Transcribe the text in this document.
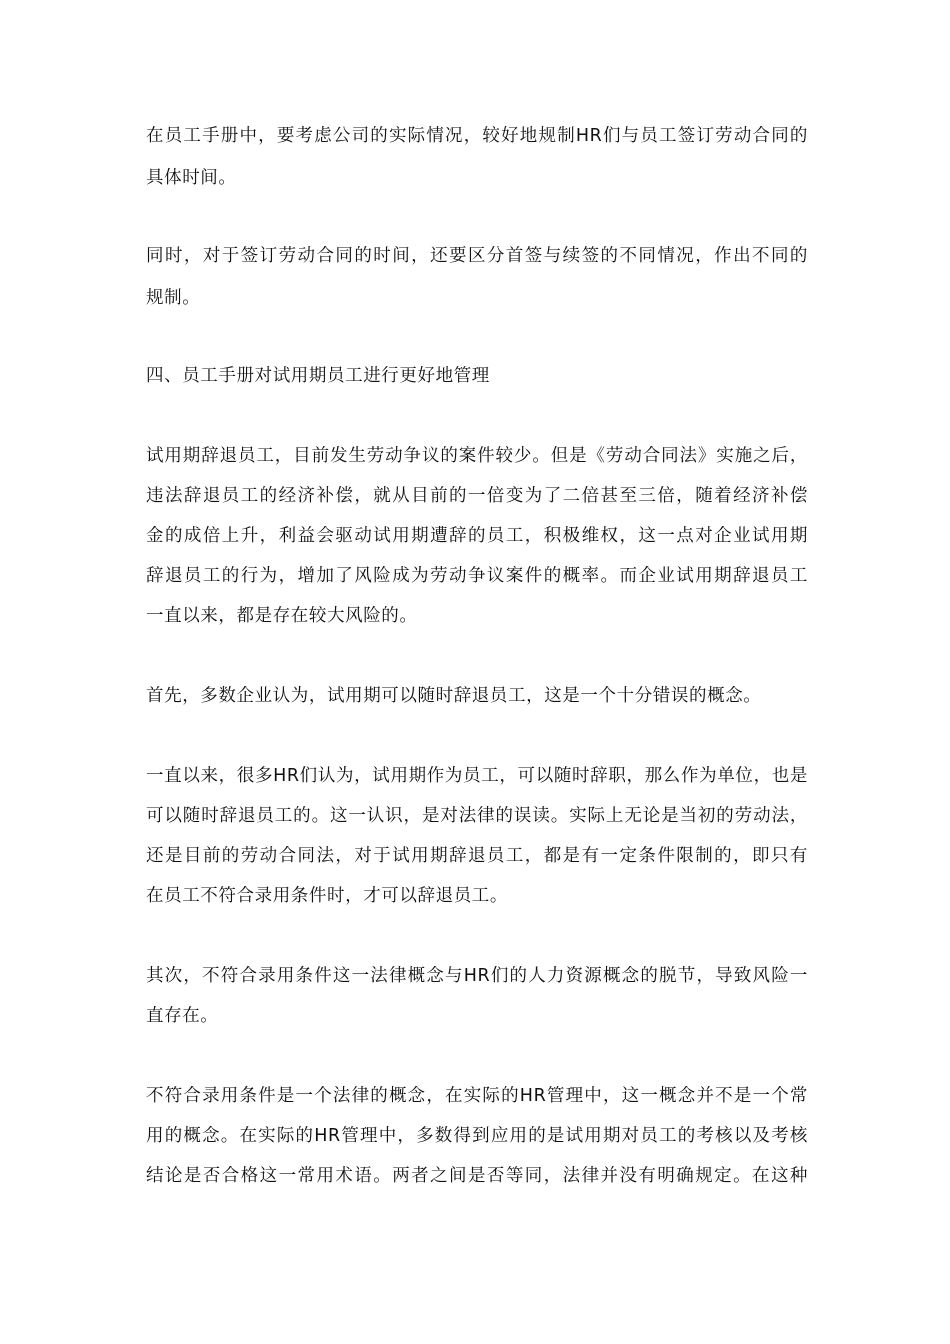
在员工手册中，要考虑公司的实际情况，较好地规制HR们与员工签订劳动合同的
具体时间。
同时，对于签订劳动合同的时间，还要区分首签与续签的不同情况，作出不同的
规制。
四、员工手册对试用期员工进行更好地管理
试用期辞退员工，目前发生劳动争议的案件较少。但是《劳动合同法》实施之后，
违法辞退员工的经济补偿，就从目前的一倍变为了二倍甚至三倍，随着经济补偿
金的成倍上升，利益会驱动试用期遭辞的员工，积极维权，这一点对企业试用期
辞退员工的行为，增加了风险成为劳动争议案件的概率。而企业试用期辞退员工
一直以来，都是存在较大风险的。
首先，多数企业认为，试用期可以随时辞退员工，这是一个十分错误的概念。
一直以来，很多HR们认为，试用期作为员工，可以随时辞职，那么作为单位，也是
可以随时辞退员工的。这一认识，是对法律的误读。实际上无论是当初的劳动法，
还是目前的劳动合同法，对于试用期辞退员工，都是有一定条件限制的，即只有
在员工不符合录用条件时，才可以辞退员工。
其次，不符合录用条件这一法律概念与HR们的人力资源概念的脱节，导致风险一
直存在。
不符合录用条件是一个法律的概念，在实际的HR管理中，这一概念并不是一个常
用的概念。在实际的HR管理中，多数得到应用的是试用期对员工的考核以及考核
结论是否合格这一常用术语。两者之间是否等同，法律并没有明确规定。在这种
